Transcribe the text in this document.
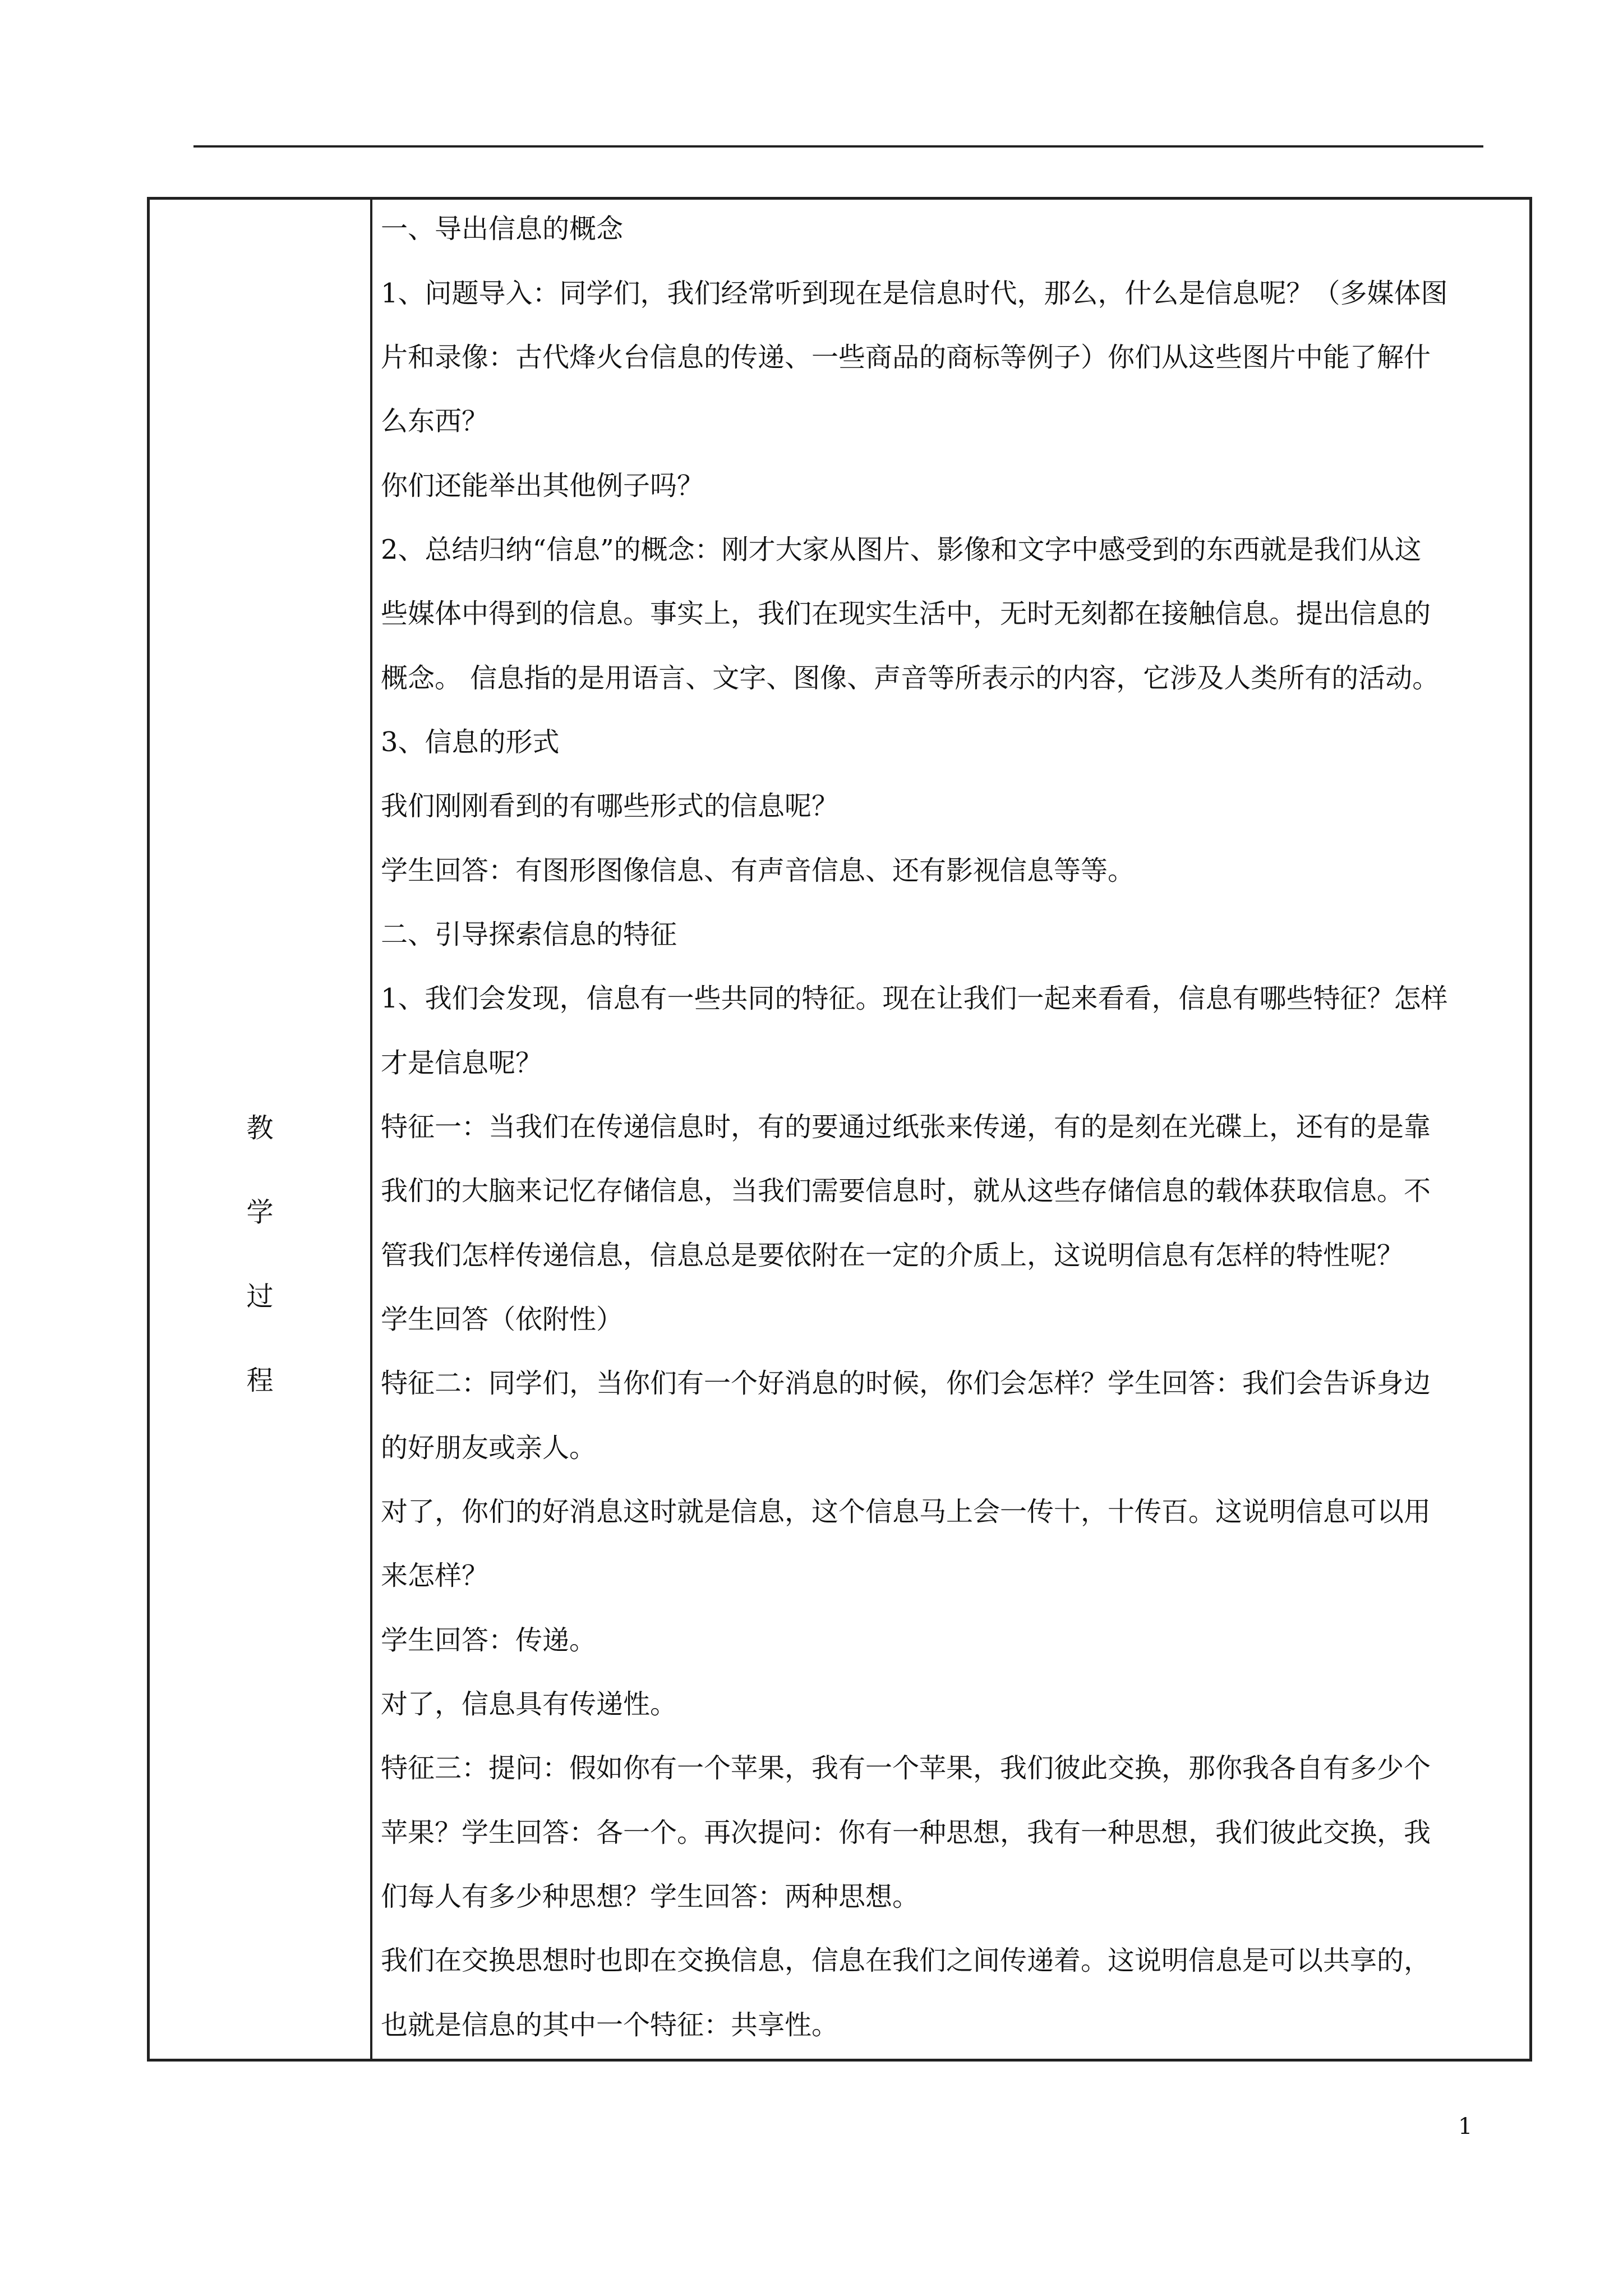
教
学
过
程
一、导出信息的概念
1、问题导入：同学们，我们经常听到现在是信息时代，那么，什么是信息呢？（多媒体图
片和录像：古代烽火台信息的传递、一些商品的商标等例子）你们从这些图片中能了解什
么东西？
你们还能举出其他例子吗？
2、总结归纳“信息”的概念：刚才大家从图片、影像和文字中感受到的东西就是我们从这
些媒体中得到的信息。事实上，我们在现实生活中，无时无刻都在接触信息。提出信息的
概念。 信息指的是用语言、文字、图像、声音等所表示的内容，它涉及人类所有的活动。
3、信息的形式
我们刚刚看到的有哪些形式的信息呢？
学生回答：有图形图像信息、有声音信息、还有影视信息等等。
二、引导探索信息的特征
1、我们会发现，信息有一些共同的特征。现在让我们一起来看看，信息有哪些特征？怎样
才是信息呢？
特征一：当我们在传递信息时，有的要通过纸张来传递，有的是刻在光碟上，还有的是靠
我们的大脑来记忆存储信息，当我们需要信息时，就从这些存储信息的载体获取信息。不
管我们怎样传递信息，信息总是要依附在一定的介质上，这说明信息有怎样的特性呢？
学生回答（依附性）
特征二：同学们，当你们有一个好消息的时候，你们会怎样？学生回答：我们会告诉身边
的好朋友或亲人。
对了，你们的好消息这时就是信息，这个信息马上会一传十，十传百。这说明信息可以用
来怎样？
学生回答：传递。
对了，信息具有传递性。
特征三：提问：假如你有一个苹果，我有一个苹果，我们彼此交换，那你我各自有多少个
苹果？学生回答：各一个。再次提问：你有一种思想，我有一种思想，我们彼此交换，我
们每人有多少种思想？学生回答：两种思想。
我们在交换思想时也即在交换信息，信息在我们之间传递着。这说明信息是可以共享的，
也就是信息的其中一个特征：共享性。
1
